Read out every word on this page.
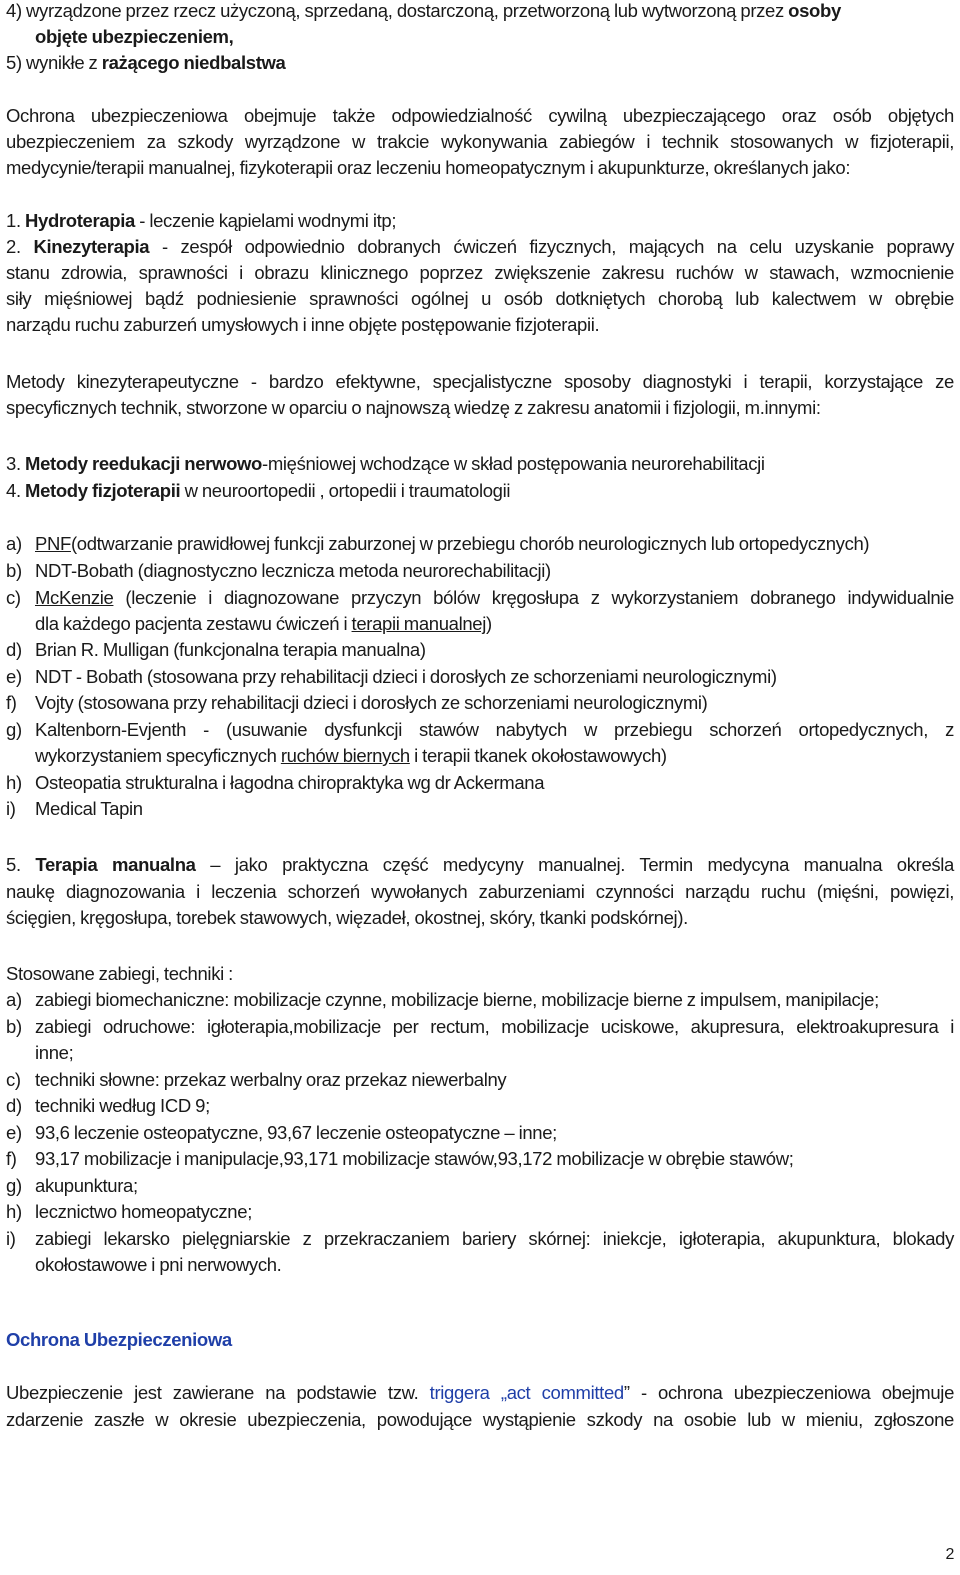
4) wyrządzone przez rzecz użyczoną, sprzedaną, dostarczoną, przetworzoną lub wytworzoną przez osoby
objęte ubezpieczeniem,
5) wynikłe z rażącego niedbalstwa
Ochrona ubezpieczeniowa obejmuje także odpowiedzialność cywilną ubezpieczającego oraz osób objętych
ubezpieczeniem za szkody wyrządzone w trakcie wykonywania zabiegów i technik stosowanych w fizjoterapii,
medycynie/terapii manualnej, fizykoterapii oraz leczeniu homeopatycznym i akupunkturze, określanych jako:
1. Hydroterapia - leczenie kąpielami wodnymi itp;
2. Kinezyterapia - zespół odpowiednio dobranych ćwiczeń fizycznych, mających na celu uzyskanie poprawy
stanu zdrowia, sprawności i obrazu klinicznego poprzez zwiększenie zakresu ruchów w stawach, wzmocnienie
siły mięśniowej bądź podniesienie sprawności ogólnej u osób dotkniętych chorobą lub kalectwem w obrębie
narządu ruchu zaburzeń umysłowych i inne objęte postępowanie fizjoterapii.
Metody kinezyterapeutyczne - bardzo efektywne, specjalistyczne sposoby diagnostyki i terapii, korzystające ze
specyficznych technik, stworzone w oparciu o najnowszą wiedzę z zakresu anatomii i fizjologii, m.innymi:
3. Metody reedukacji nerwowo-mięśniowej wchodzące w skład postępowania neurorehabilitacji
4. Metody fizjoterapii w neuroortopedii , ortopedii i traumatologii
a) PNF(odtwarzanie prawidłowej funkcji zaburzonej w przebiegu chorób neurologicznych lub ortopedycznych)
b) NDT-Bobath (diagnostyczno lecznicza metoda neurorechabilitacji)
c) McKenzie (leczenie i diagnozowane przyczyn bólów kręgosłupa z wykorzystaniem dobranego indywidualnie
dla każdego pacjenta zestawu ćwiczeń i terapii manualnej)
d) Brian R. Mulligan (funkcjonalna terapia manualna)
e) NDT - Bobath (stosowana przy rehabilitacji dzieci i dorosłych ze schorzeniami neurologicznymi)
f) Vojty (stosowana przy rehabilitacji dzieci i dorosłych ze schorzeniami neurologicznymi)
g) Kaltenborn-Evjenth - (usuwanie dysfunkcji stawów nabytych w przebiegu schorzeń ortopedycznych, z
wykorzystaniem specyficznych ruchów biernych i terapii tkanek okołostawowych)
h) Osteopatia strukturalna i łagodna chiropraktyka wg dr Ackermana
i) Medical Tapin
5. Terapia manualna – jako praktyczna część medycyny manualnej. Termin medycyna manualna określa
naukę diagnozowania i leczenia schorzeń wywołanych zaburzeniami czynności narządu ruchu (mięśni, powięzi,
ścięgien, kręgosłupa, torebek stawowych, więzadeł, okostnej, skóry, tkanki podskórnej).
Stosowane zabiegi, techniki :
a) zabiegi biomechaniczne: mobilizacje czynne, mobilizacje bierne, mobilizacje bierne z impulsem, manipilacje;
b) zabiegi odruchowe: igłoterapia,mobilizacje per rectum, mobilizacje uciskowe, akupresura, elektroakupresura i
inne;
c) techniki słowne: przekaz werbalny oraz przekaz niewerbalny
d) techniki według ICD 9;
e) 93,6 leczenie osteopatyczne, 93,67 leczenie osteopatyczne – inne;
f) 93,17 mobilizacje i manipulacje,93,171 mobilizacje stawów,93,172 mobilizacje w obrębie stawów;
g) akupunktura;
h) lecznictwo homeopatyczne;
i) zabiegi lekarsko pielęgniarskie z przekraczaniem bariery skórnej: iniekcje, igłoterapia, akupunktura, blokady
okołostawowe i pni nerwowych.
Ochrona Ubezpieczeniowa
Ubezpieczenie jest zawierane na podstawie tzw. triggera „act committed” - ochrona ubezpieczeniowa obejmuje
zdarzenie zaszłe w okresie ubezpieczenia, powodujące wystąpienie szkody na osobie lub w mieniu, zgłoszone
2
